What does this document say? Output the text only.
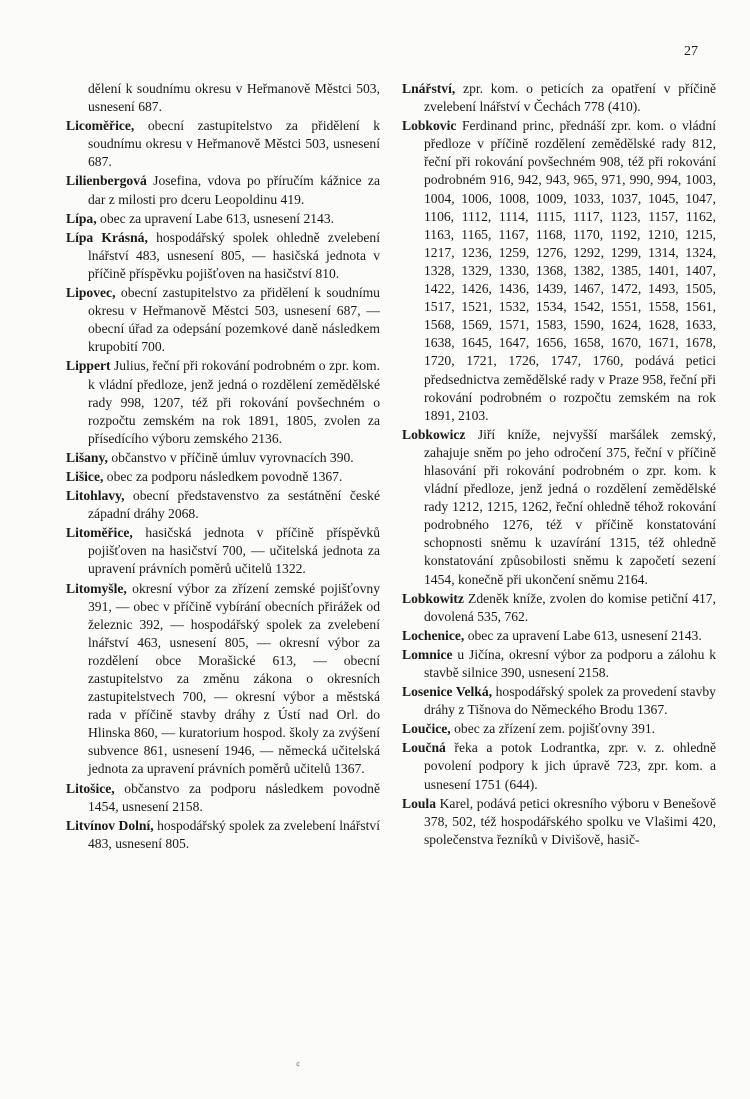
27

dělení k soudnímu okresu v Heřmanově Městci 503, usnesení 687.

Licoměřice, obecní zastupitelstvo za přidělení k soudnímu okresu v Heřmanově Městci 503, usnesení 687.

Lilienbergová Josefina, vdova po příručím kážnice za dar z milosti pro dceru Leopoldinu 419.

Lípa, obec za upravení Labe 613, usnesení 2143.

Lípa Krásná, hospodářský spolek ohledně zvelebení lnářství 483, usnesení 805, — hasičská jednota v příčině příspěvku pojišťoven na hasičství 810.

Lipovec, obecní zastupitelstvo za přidělení k soudnímu okresu v Heřmanově Městci 503, usnesení 687, — obecní úřad za odepsání pozemkové daně následkem krupobití 700.

Lippert Julius, řeční při rokování podrobném o zpr. kom. k vládní předloze, jenž jedná o rozdělení zemědělské rady 998, 1207, též při rokování povšechném o rozpočtu zemském na rok 1891, 1805, zvolen za přísedícího výboru zemského 2136.

Lišany, občanstvo v příčině úmluv vyrovnacích 390.

Lišice, obec za podporu následkem povodně 1367.

Litohlavy, obecní představenstvo za sestátnění české západní dráhy 2068.

Litoměřice, hasičská jednota v příčině příspěvků pojišťoven na hasičství 700, — učitelská jednota za upravení právních poměrů učitelů 1322.

Litomyšle, okresní výbor za zřízení zemské pojišťovny 391, — obec v příčině vybírání obecních přirážek od železnic 392, — hospodářský spolek za zvelebení lnářství 463, usnesení 805, — okresní výbor za rozdělení obce Morašické 613, — obecní zastupitelstvo za změnu zákona o okresních zastupitelstvech 700, — okresní výbor a městská rada v příčině stavby dráhy z Ústí nad Orl. do Hlinska 860, — kuratorium hospod. školy za zvýšení subvence 861, usnesení 1946, — německá učitelská jednota za upravení právních poměrů učitelů 1367.

Litošice, občanstvo za podporu následkem povodně 1454, usnesení 2158.

Litvínov Dolní, hospodářský spolek za zvelebení lnářství 483, usnesení 805.

Lnářství, zpr. kom. o peticích za opatření v příčině zvelebení lnářství v Čechách 778 (410).

Lobkovic Ferdinand princ, přednáší zpr. kom. o vládní předloze v příčině rozdělení zemědělské rady 812, řeční při rokování povšechném 908, též při rokování podrobném 916, 942, 943, 965, 971, 990, 994, 1003, 1004, 1006, 1008, 1009, 1033, 1037, 1045, 1047, 1106, 1112, 1114, 1115, 1117, 1123, 1157, 1162, 1163, 1165, 1167, 1168, 1170, 1192, 1210, 1215, 1217, 1236, 1259, 1276, 1292, 1299, 1314, 1324, 1328, 1329, 1330, 1368, 1382, 1385, 1401, 1407, 1422, 1426, 1436, 1439, 1467, 1472, 1493, 1505, 1517, 1521, 1532, 1534, 1542, 1551, 1558, 1561, 1568, 1569, 1571, 1583, 1590, 1624, 1628, 1633, 1638, 1645, 1647, 1656, 1658, 1670, 1671, 1678, 1720, 1721, 1726, 1747, 1760, podává petici předsednictva zemědělské rady v Praze 958, řeční při rokování podrobném o rozpočtu zemském na rok 1891, 2103.

Lobkowicz Jiří kníže, nejvyšší maršálek zemský, zahajuje sněm po jeho odročení 375, řeční v příčině hlasování při rokování podrobném o zpr. kom. k vládní předloze, jenž jedná o rozdělení zemědělské rady 1212, 1215, 1262, řeční ohledně téhož rokování podrobného 1276, též v příčině konstatování schopnosti sněmu k uzavírání 1315, též ohledně konstatování způsobilosti sněmu k započetí sezení 1454, konečně při ukončení sněmu 2164.

Lobkowitz Zdeněk kníže, zvolen do komise petiční 417, dovolená 535, 762.

Lochenice, obec za upravení Labe 613, usnesení 2143.

Lomnice u Jičína, okresní výbor za podporu a zálohu k stavbě silnice 390, usnesení 2158.

Losenice Velká, hospodářský spolek za provedení stavby dráhy z Tišnova do Německého Brodu 1367.

Loučice, obec za zřízení zem. pojišťovny 391.

Loučná řeka a potok Lodrantka, zpr. v. z. ohledně povolení podpory k jich úpravě 723, zpr. kom. a usnesení 1751 (644).

Loula Karel, podává petici okresního výboru v Benešově 378, 502, též hospodářského spolku ve Vlašimi 420, společenstva řezníků v Divišově, hasič-

¢
